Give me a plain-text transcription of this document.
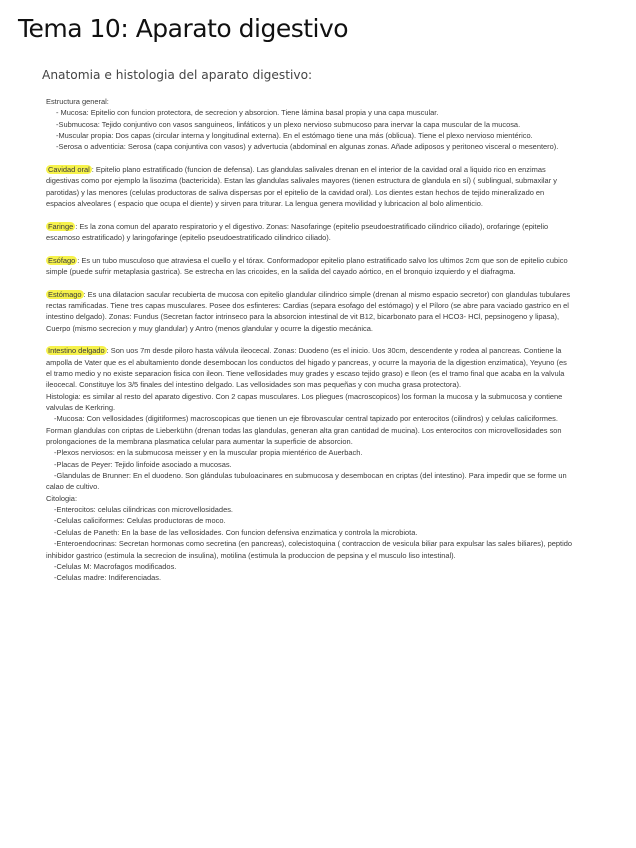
Tema 10: Aparato digestivo
Anatomia e histologia del aparato digestivo:

Estructura general:

- Mucosa: Epitelio con funcion protectora, de secrecion y absorcion. Tiene lámina basal propia y una capa muscular.

-Submucosa: Tejido conjuntivo con vasos sanguineos, linfáticos y un plexo nervioso submucoso para inervar la capa muscular de la mucosa.

-Muscular propia: Dos capas (circular interna y longitudinal externa). En el estómago tiene una más (oblicua). Tiene el plexo nervioso mientérico.

-Serosa o adventicia: Serosa (capa conjuntiva con vasos) y advertucia (abdominal en algunas zonas. Añade adiposos y peritoneo visceral o mesentero).

Cavidad oral : Epitelio plano estratificado (funcion de defensa). Las glandulas salivales drenan en el interior de la cavidad oral a liquido rico en enzimas digestivas como por ejemplo la lisozima (bactericida). Estan las glandulas salivales mayores (tienen estructura de glandula en sí) ( sublingual, submaxilar y parotidas) y las menores (celulas productoras de saliva dispersas por el epitelio de la cavidad oral). Los dientes estan hechos de tejido mineralizado en espacios alveolares ( espacio que ocupa el diente) y sirven para triturar. La lengua genera movilidad y lubricacion al bolo alimenticio.

Faringe : Es la zona comun del aparato respiratorio y el digestivo. Zonas: Nasofaringe (epitelio pseudoestratificado cilindrico ciliado), orofaringe (epitelio escamoso estratificado) y laringofaringe (epitelio pseudoestratificado cilindrico ciliado).

Esófago : Es un tubo musculoso que atraviesa el cuello y el tórax. Conformadopor epitelio plano estratificado salvo los ultimos 2cm que son de epitelio cubico simple (puede sufrir metaplasia gastrica). Se estrecha en las cricoides, en la salida del cayado aórtico, en el bronquio izquierdo y el diafragma.

Estómago : Es una dilatacion sacular recubierta de mucosa con epitelio glandular cilindrico simple (drenan al mismo espacio secretor) con glandulas tubulares rectas ramificadas. Tiene tres capas musculares. Posee dos esfinteres: Cardias (separa esofago del estómago) y el Píloro (se abre para vaciado gastrico en el intestino delgado). Zonas: Fundus (Secretan factor intrinseco para la absorcion intestinal de vit B12, bicarbonato para el HCO3- HCl, pepsinogeno y lipasa), Cuerpo (mismo secrecion y muy glandular) y Antro (menos glandular y ocurre la digestio mecánica.

Intestino delgado : Son uos 7m desde piloro hasta válvula ileocecal. Zonas: Duodeno (es el inicio. Uos 30cm, descendente y rodea al pancreas. Contiene la ampolla de Vater que es el abultamiento donde desembocan los conductos del higado y pancreas, y ocurre la mayoria de la digestion enzimatica), Yeyuno (es el tramo medio y no existe separacion fisica con ileon. Tiene vellosidades muy grades y escaso tejido graso) e Ileon (es el tramo final que acaba en la valvula ileocecal. Constituye los 3/5 finales del intestino delgado. Las vellosidades son mas pequeñas y con mucha grasa protectora).

Histologia: es similar al resto del aparato digestivo. Con 2 capas musculares. Los pliegues (macroscopicos) los forman la mucosa y la submucosa y contiene valvulas de Kerkring.

-Mucosa: Con vellosidades (digitiformes) macroscopicas que tienen un eje fibrovascular central tapizado por enterocitos (cilindros) y celulas caliciformes. Forman glandulas con criptas de Lieberkühn (drenan todas las glandulas, generan alta gran cantidad de mucina). Los enterocitos con microvellosidades son prolongaciones de la membrana plasmatica celular para aumentar la superficie de absorcion.

-Plexos nerviosos: en la submucosa meisser y en la muscular propia mientérico de Auerbach.

-Placas de Peyer: Tejido linfoide asociado a mucosas.

-Glandulas de Brunner: En el duodeno. Son glándulas tubuloacinares en submucosa y desembocan en criptas (del intestino). Para impedir que se forme un calao de cultivo.

Citologia:

-Enterocitos: celulas cilindricas con microvellosidades.

-Celulas caliciformes: Celulas productoras de moco.

-Celulas de Paneth: En la base de las vellosidades. Con funcion defensiva enzimatica y controla la microbiota.

-Enteroendocrinas: Secretan hormonas como secretina (en pancreas), colecistoquina ( contraccion de vesicula biliar para expulsar las sales biliares), peptido inhibidor gastrico (estimula la secrecion de insulina), motilina (estimula la produccion de pepsina y el musculo liso intestinal).

-Celulas M: Macrofagos modificados.

-Celulas madre: Indiferenciadas.
